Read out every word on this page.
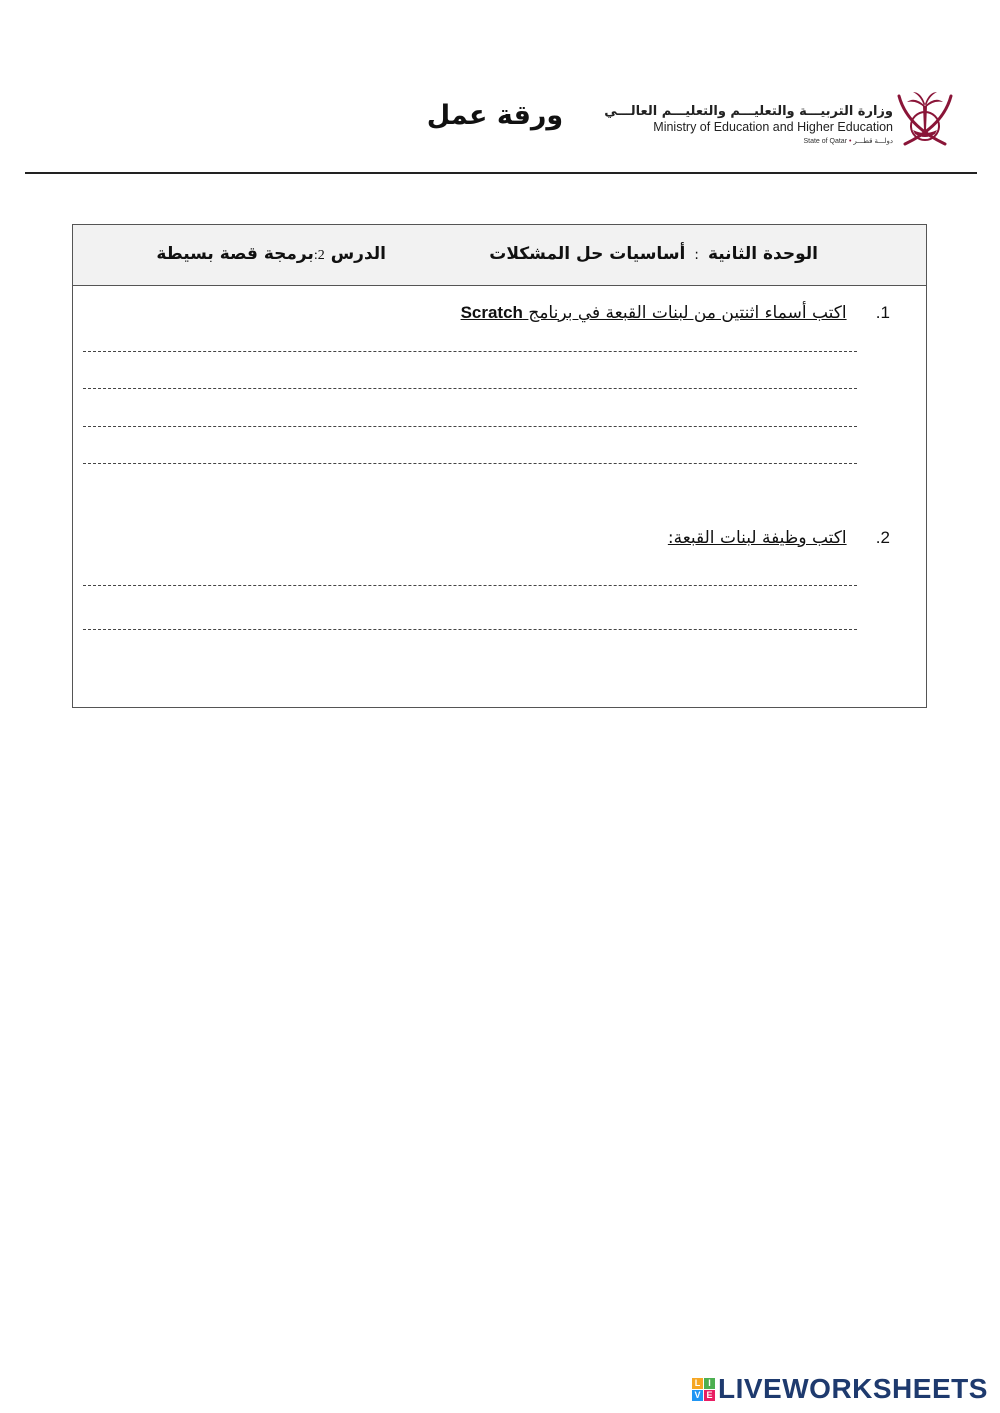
وزارة التربيـــة والتعليـــم والتعليـــم العالـــي
Ministry of Education and Higher Education
State of Qatar • دولـــة قطـــر
ورقة عمل
الوحدة الثانية : أساسيات حل المشكلات
الدرس 2:برمجة قصة بسيطة
1. اكتب أسماء اثنتين من لبنات القبعة في برنامج Scratch
2. اكتب وظيفة لبنات القبعة:
L I
V E LIVEWORKSHEETS
